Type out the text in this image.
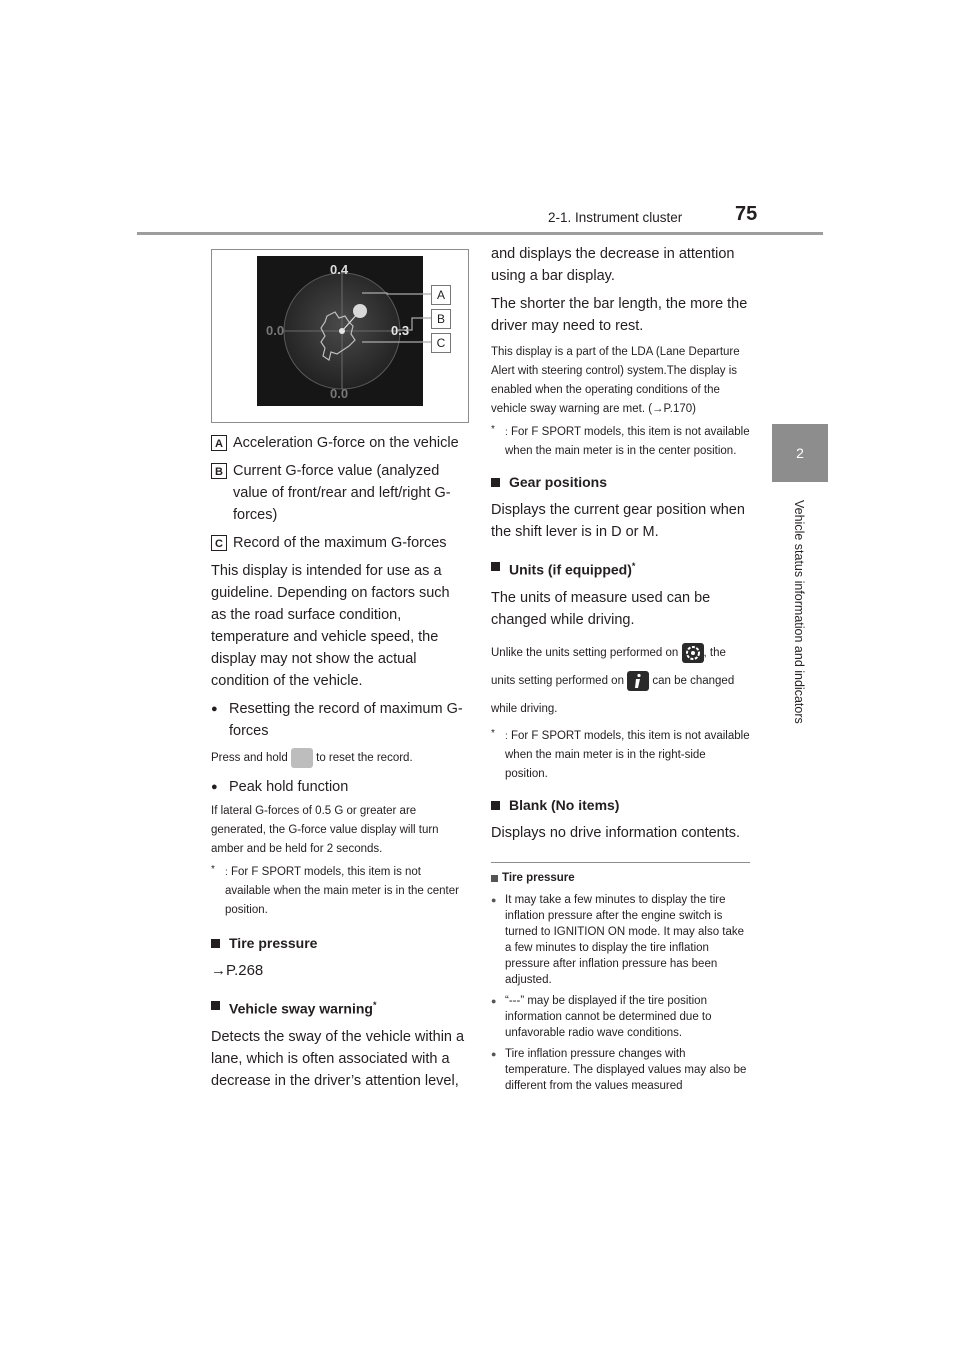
2-1. Instrument cluster	75
2
Vehicle status information and indicators
0.4
0.0	0.3
0.0
A
B
C

A Acceleration G-force on the vehicle

B Current G-force value (analyzed value of front/rear and left/right G-forces)

C Record of the maximum G-forces

This display is intended for use as a guideline. Depending on factors such as the road surface condition, temperature and vehicle speed, the display may not show the actual condition of the vehicle.

● Resetting the record of maximum G-forces

Press and hold to reset the record.

● Peak hold function

If lateral G-forces of 0.5 G or greater are generated, the G-force value display will turn amber and be held for 2 seconds.

* : For F SPORT models, this item is not available when the main meter is in the center position.

Tire pressure

→P.268

Vehicle sway warning*

Detects the sway of the vehicle within a lane, which is often associated with a decrease in the driver’s attention level,

and displays the decrease in attention using a bar display.

The shorter the bar length, the more the driver may need to rest.

This display is a part of the LDA (Lane Departure Alert with steering control) system.The display is enabled when the operating conditions of the vehicle sway warning are met. (→P.170)

* : For F SPORT models, this item is not available when the main meter is in the center position.

Gear positions

Displays the current gear position when the shift lever is in D or M.

Units (if equipped)*

The units of measure used can be changed while driving.

Unlike the units setting performed on , the units setting performed on can be changed while driving.

* : For F SPORT models, this item is not available when the main meter is in the right-side position.

Blank (No items)

Displays no drive information contents.

Tire pressure

● It may take a few minutes to display the tire inflation pressure after the engine switch is turned to IGNITION ON mode. It may also take a few minutes to display the tire inflation pressure after inflation pressure has been adjusted.

● “---” may be displayed if the tire position information cannot be determined due to unfavorable radio wave conditions.

● Tire inflation pressure changes with temperature. The displayed values may also be different from the values measured
